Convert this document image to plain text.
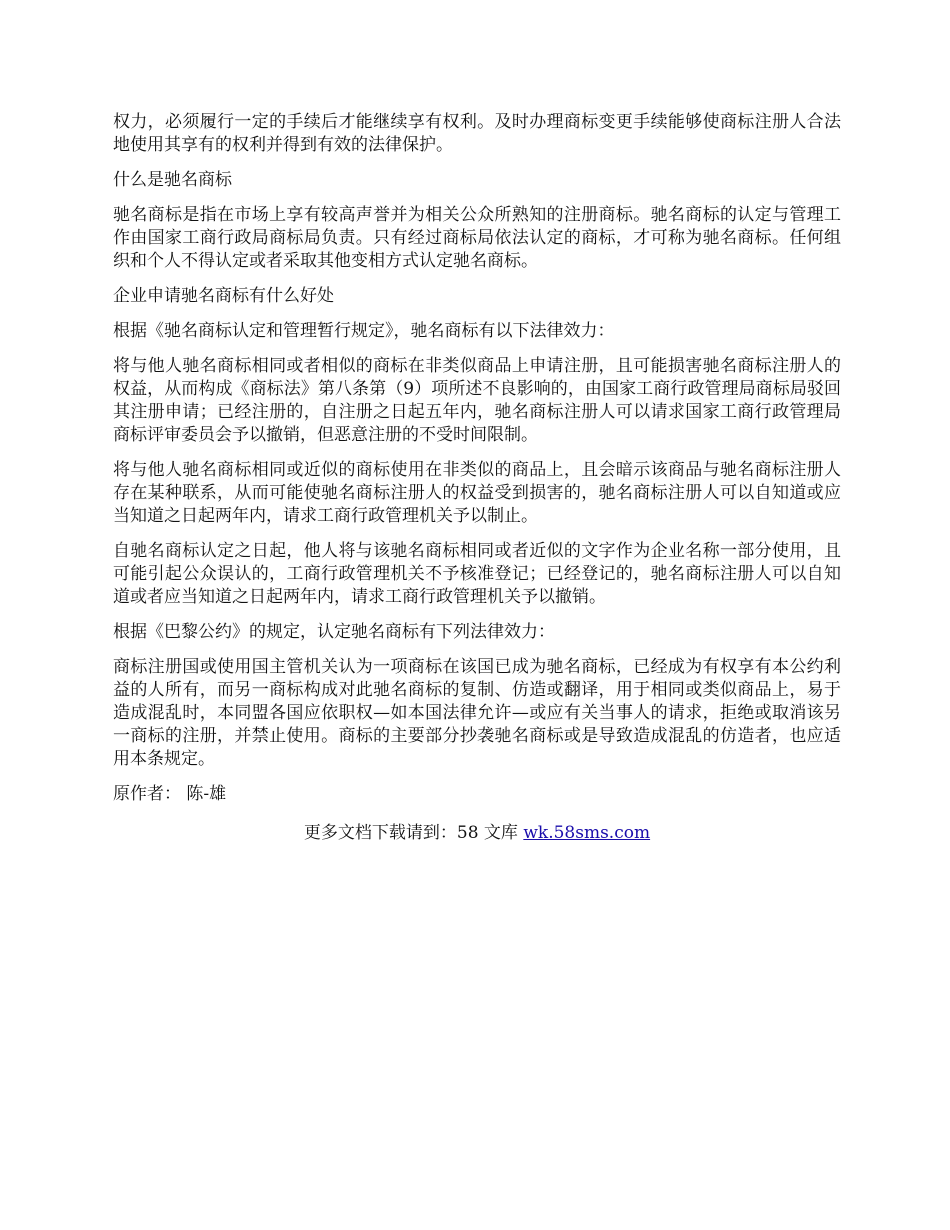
权力，必须履行一定的手续后才能继续享有权利。及时办理商标变更手续能够使商标注册人合法地使用其享有的权利并得到有效的法律保护。

什么是驰名商标

驰名商标是指在市场上享有较高声誉并为相关公众所熟知的注册商标。驰名商标的认定与管理工作由国家工商行政局商标局负责。只有经过商标局依法认定的商标，才可称为驰名商标。任何组织和个人不得认定或者采取其他变相方式认定驰名商标。

企业申请驰名商标有什么好处

根据《驰名商标认定和管理暂行规定》，驰名商标有以下法律效力：

将与他人驰名商标相同或者相似的商标在非类似商品上申请注册，且可能损害驰名商标注册人的权益，从而构成《商标法》第八条第（9）项所述不良影响的，由国家工商行政管理局商标局驳回其注册申请；已经注册的，自注册之日起五年内，驰名商标注册人可以请求国家工商行政管理局商标评审委员会予以撤销，但恶意注册的不受时间限制。

将与他人驰名商标相同或近似的商标使用在非类似的商品上，且会暗示该商品与驰名商标注册人存在某种联系，从而可能使驰名商标注册人的权益受到损害的，驰名商标注册人可以自知道或应当知道之日起两年内，请求工商行政管理机关予以制止。

自驰名商标认定之日起，他人将与该驰名商标相同或者近似的文字作为企业名称一部分使用，且可能引起公众误认的，工商行政管理机关不予核准登记；已经登记的，驰名商标注册人可以自知道或者应当知道之日起两年内，请求工商行政管理机关予以撤销。

根据《巴黎公约》的规定，认定驰名商标有下列法律效力：

商标注册国或使用国主管机关认为一项商标在该国已成为驰名商标，已经成为有权享有本公约利益的人所有，而另一商标构成对此驰名商标的复制、仿造或翻译，用于相同或类似商品上，易于造成混乱时，本同盟各国应依职权—如本国法律允许—或应有关当事人的请求，拒绝或取消该另一商标的注册，并禁止使用。商标的主要部分抄袭驰名商标或是导致造成混乱的仿造者，也应适用本条规定。

原作者： 陈-雄

更多文档下载请到：58 文库 wk.58sms.com
